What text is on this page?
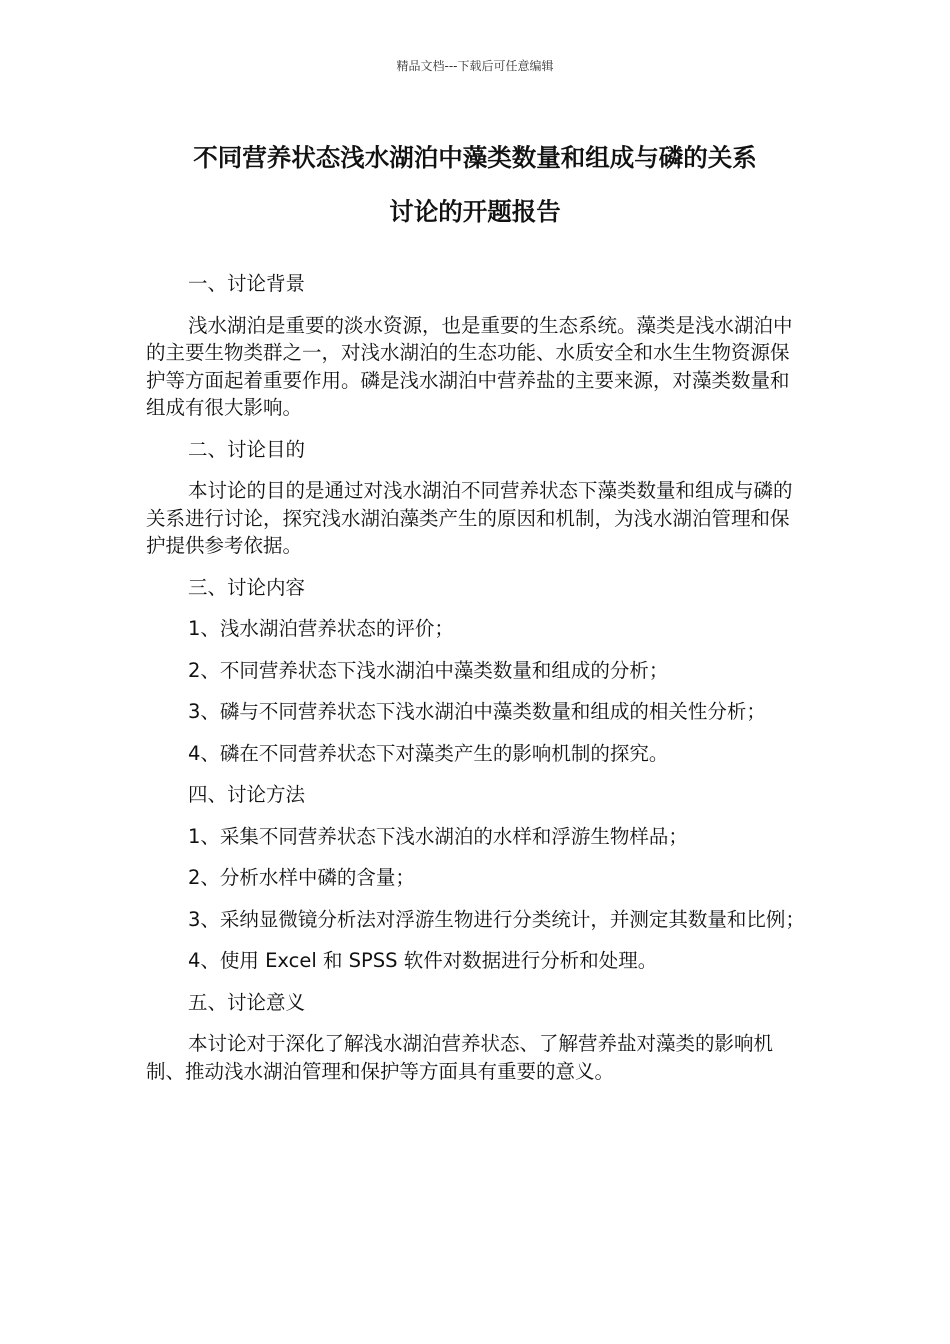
精品文档---下载后可任意编辑
不同营养状态浅水湖泊中藻类数量和组成与磷的关系
讨论的开题报告

一、讨论背景

浅水湖泊是重要的淡水资源，也是重要的生态系统。藻类是浅水湖泊中的主要生物类群之一，对浅水湖泊的生态功能、水质安全和水生生物资源保护等方面起着重要作用。磷是浅水湖泊中营养盐的主要来源，对藻类数量和组成有很大影响。

二、讨论目的

本讨论的目的是通过对浅水湖泊不同营养状态下藻类数量和组成与磷的关系进行讨论，探究浅水湖泊藻类产生的原因和机制，为浅水湖泊管理和保护提供参考依据。

三、讨论内容

1、浅水湖泊营养状态的评价；

2、不同营养状态下浅水湖泊中藻类数量和组成的分析；

3、磷与不同营养状态下浅水湖泊中藻类数量和组成的相关性分析；

4、磷在不同营养状态下对藻类产生的影响机制的探究。

四、讨论方法

1、采集不同营养状态下浅水湖泊的水样和浮游生物样品；

2、分析水样中磷的含量；

3、采纳显微镜分析法对浮游生物进行分类统计，并测定其数量和比例；

4、使用 Excel 和 SPSS 软件对数据进行分析和处理。

五、讨论意义

本讨论对于深化了解浅水湖泊营养状态、了解营养盐对藻类的影响机制、推动浅水湖泊管理和保护等方面具有重要的意义。
